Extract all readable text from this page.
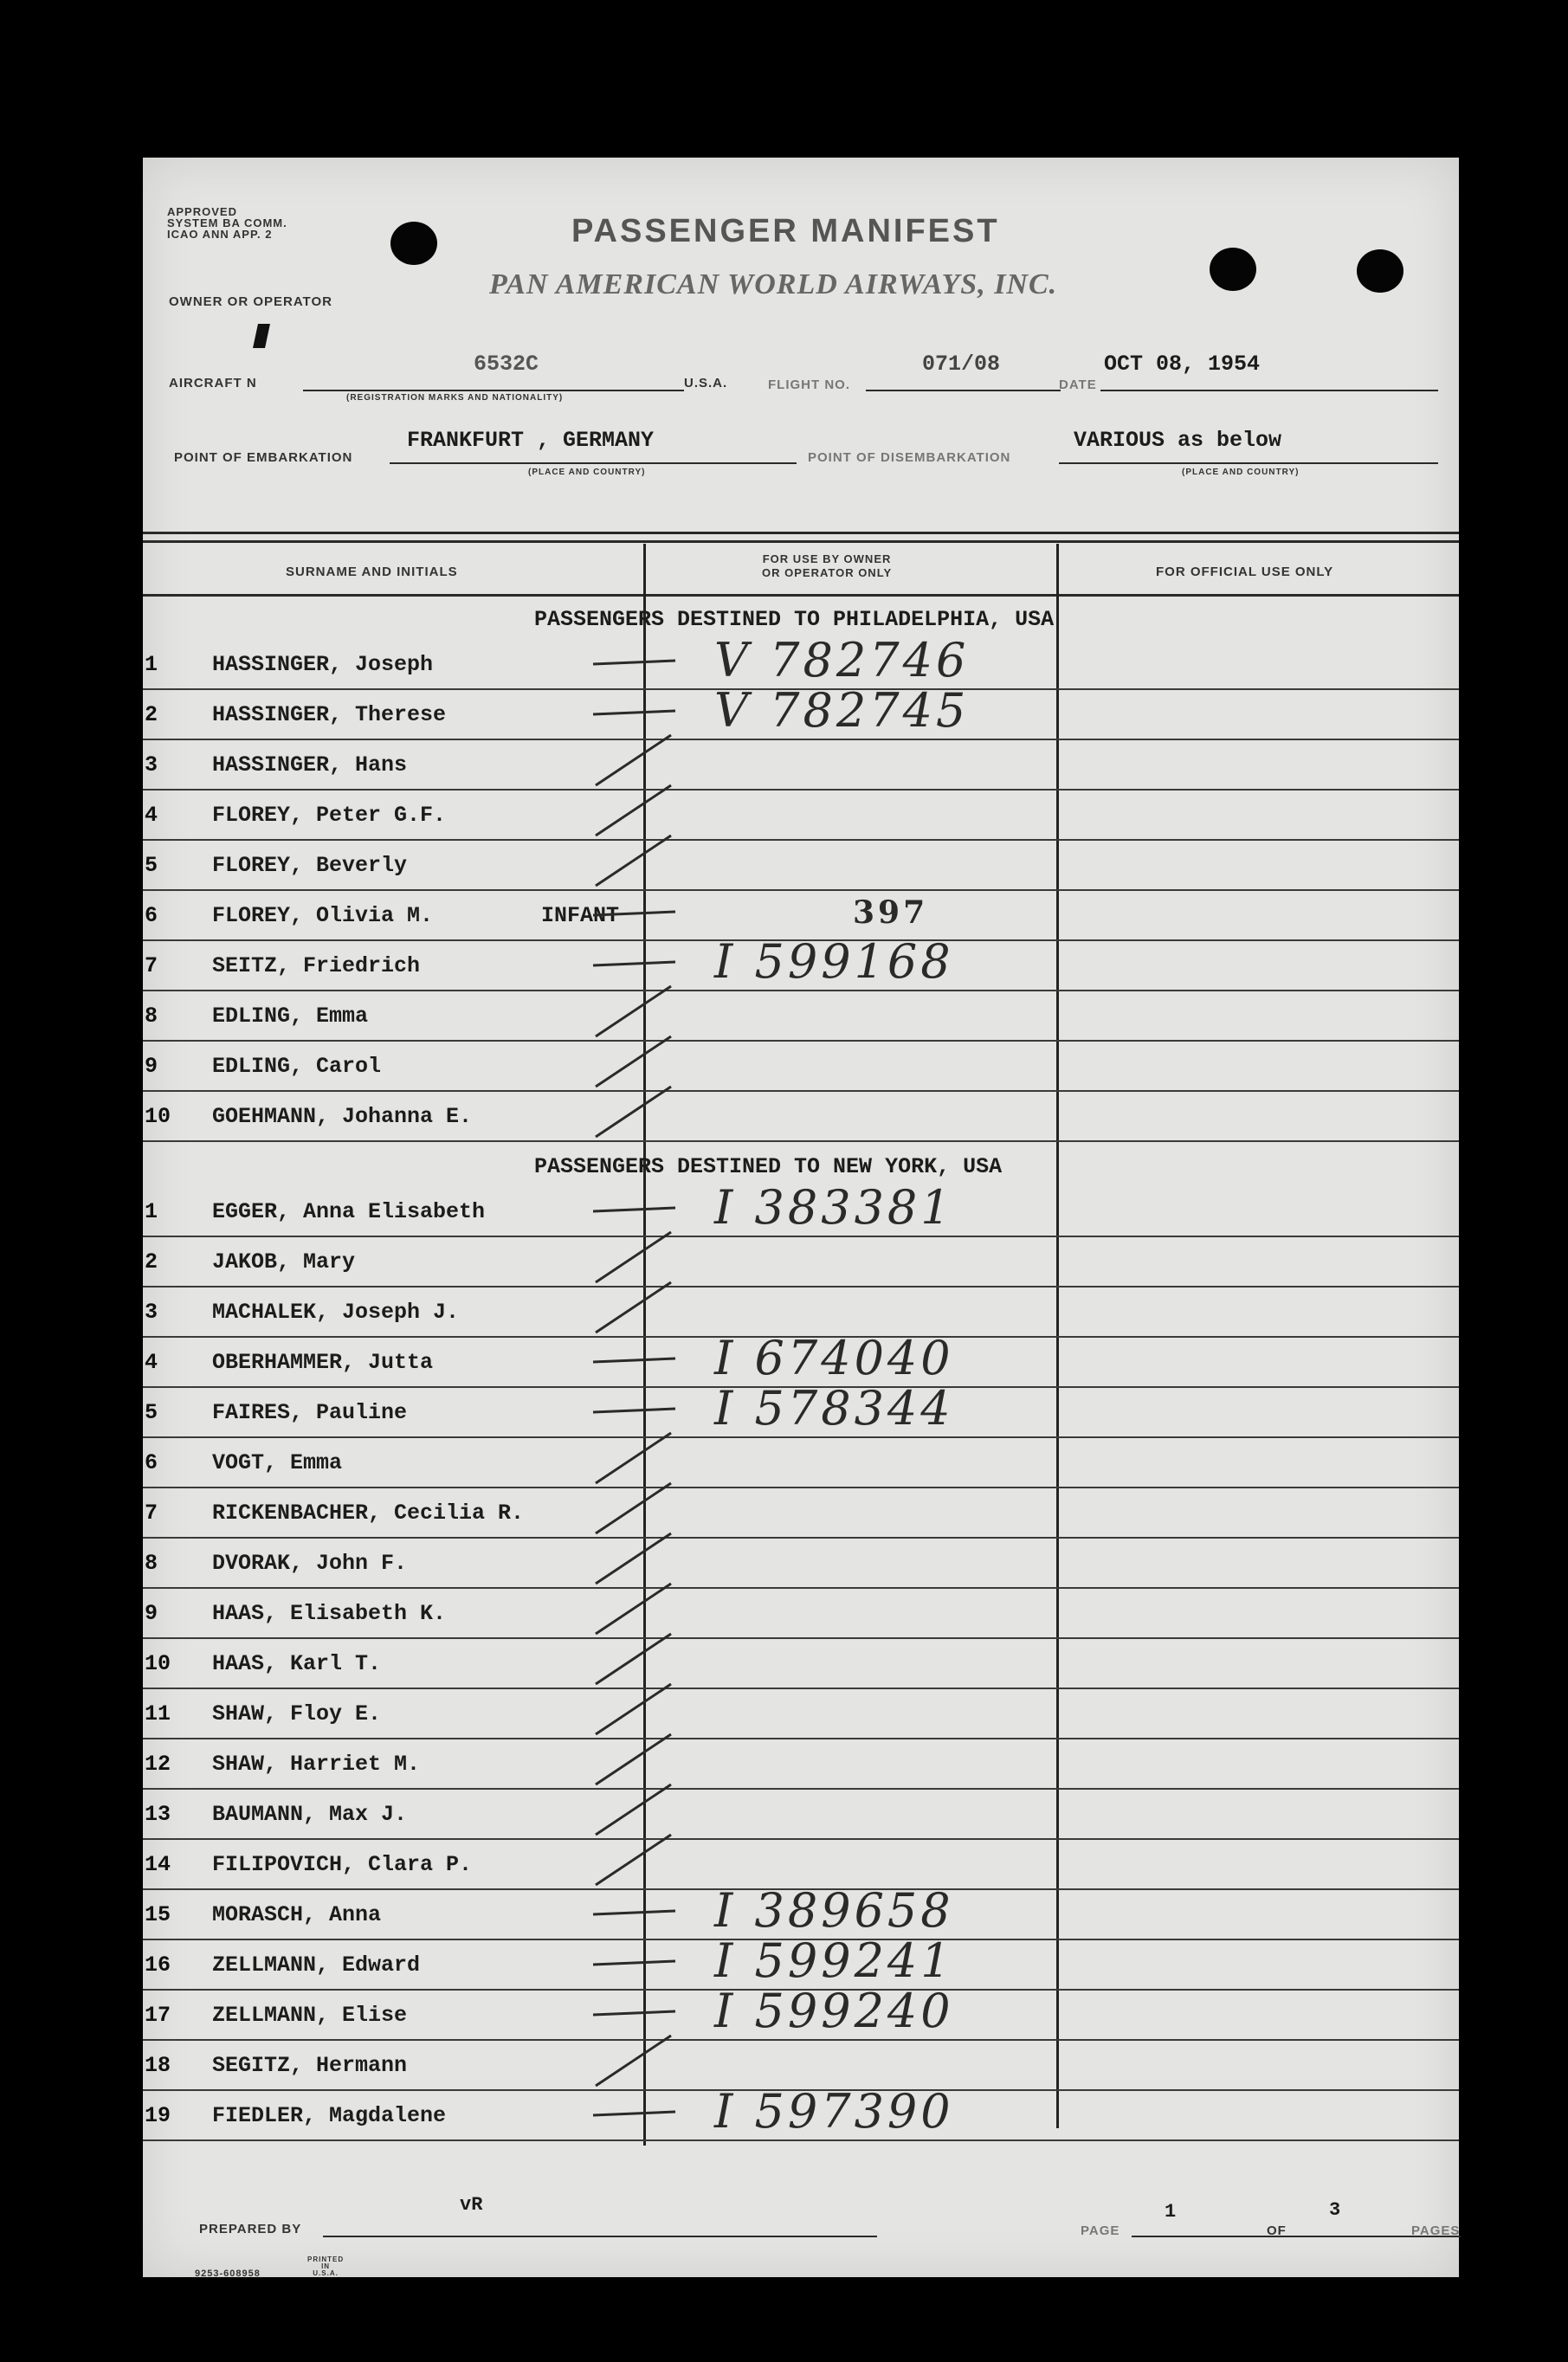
APPROVED
SYSTEM BA COMM.
ICAO ANN APP. 2	PASSENGER MANIFEST
PAN AMERICAN WORLD AIRWAYS, INC.
OWNER OR OPERATOR
AIRCRAFT N
6532C
(REGISTRATION MARKS AND NATIONALITY)
U.S.A.	FLIGHT NO.
071/08
DATE
OCT 08, 1954
POINT OF EMBARKATION
FRANKFURT , GERMANY
(PLACE AND COUNTRY)
POINT OF DISEMBARKATION
VARIOUS as below
(PLACE AND COUNTRY)
SURNAME AND INITIALS
FOR USE BY OWNER
OR OPERATOR ONLY	FOR OFFICIAL USE ONLY
PASSENGERS DESTINED TO PHILADELPHIA, USA
1	HASSINGER, Joseph	V 782746
2	HASSINGER, Therese	V 782745
3	HASSINGER, Hans
4	FLOREY, Peter G.F.
5	FLOREY, Beverly
6	FLOREY, Olivia M.	INFANT	397
7	SEITZ, Friedrich	I 599168
8	EDLING, Emma
9	EDLING, Carol
10 GOEHMANN, Johanna E.
PASSENGERS DESTINED TO NEW YORK, USA
1	EGGER, Anna Elisabeth	I 383381
2	JAKOB, Mary
3	MACHALEK, Joseph J.
4	OBERHAMMER, Jutta	I 674040
5	FAIRES, Pauline	I 578344
6	VOGT, Emma
7	RICKENBACHER, Cecilia R.
8	DVORAK, John F.
9	HAAS, Elisabeth K.
10 HAAS, Karl T.
11 SHAW, Floy E.
12 SHAW, Harriet M.
13 BAUMANN, Max J.
14 FILIPOVICH, Clara P.
15 MORASCH, Anna	I 389658
16 ZELLMANN, Edward	I 599241
17 ZELLMANN, Elise	I 599240
18 SEGITZ, Hermann
19 FIEDLER, Magdalene	I 597390
PREPARED BY
vR
PAGE
1
OF
3
PAGES
9253-608958
PRINTED
IN
U.S.A.
